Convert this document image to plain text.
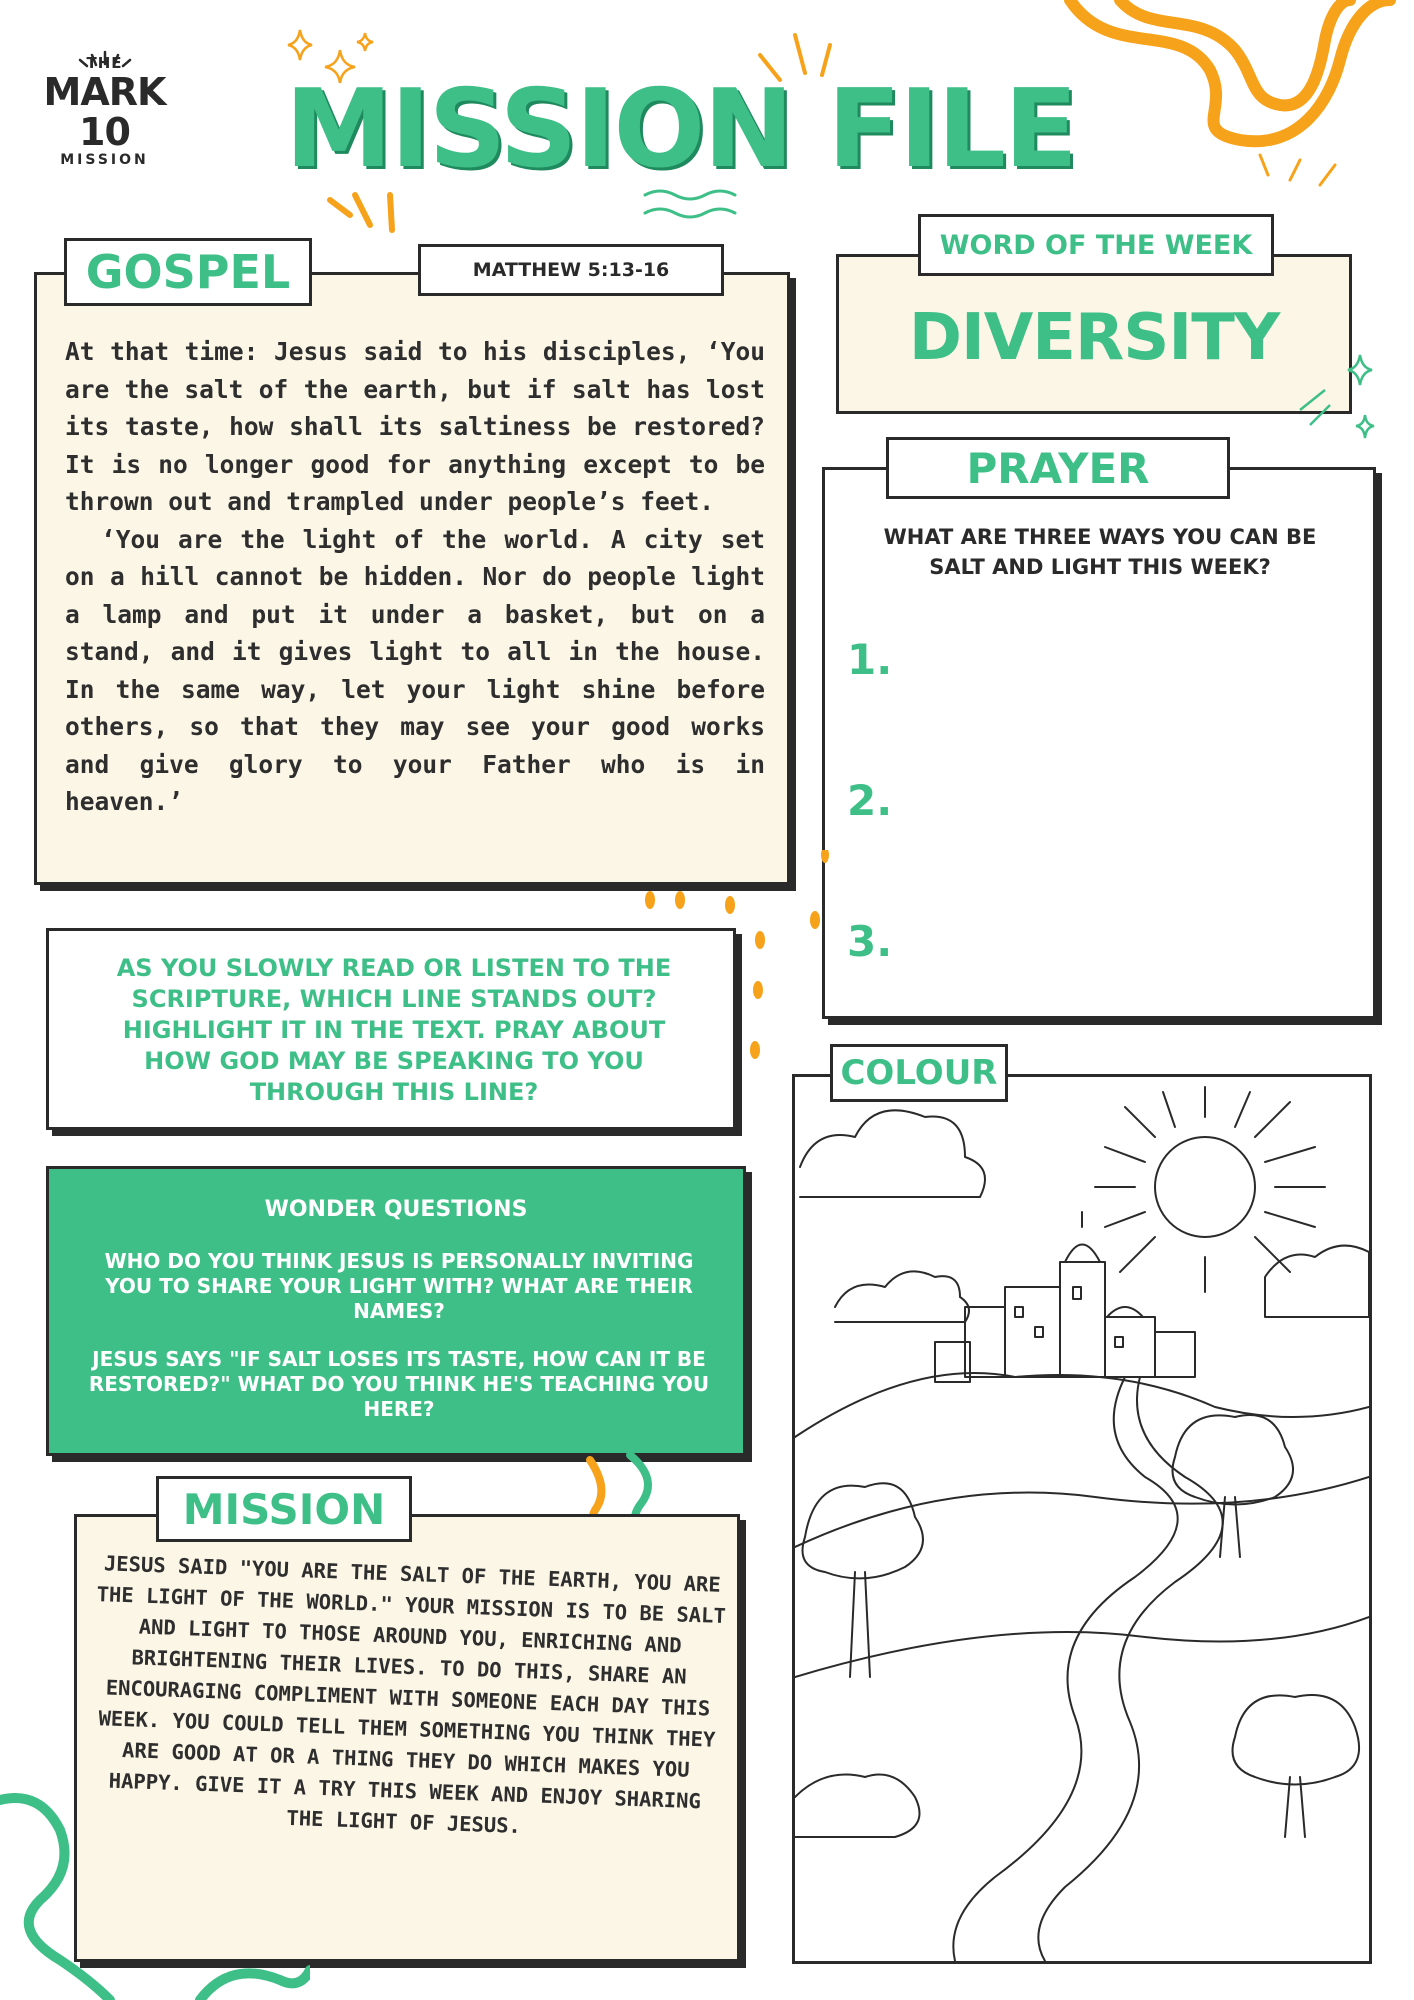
THE
MARK 10
MISSION	MISSION FILE

At that time: Jesus said to his disciples, ‘You are the salt of the earth, but if salt has lost its taste, how shall its saltiness be restored? It is no longer good for anything except to be thrown out and trampled under people’s feet.

‘You are the light of the world. A city set on a hill cannot be hidden. Nor do people light a lamp and put it under a basket, but on a stand, and it gives light to all in the house. In the same way, let your light shine before others, so that they may see your good works and give glory to your Father who is in heaven.’

GOSPEL	MATTHEW 5:13-16
DIVERSITY
WORD OF THE WEEK
WHAT ARE THREE WAYS YOU CAN BE SALT AND LIGHT THIS WEEK?
1.
2.
3.
PRAYER
AS YOU SLOWLY READ OR LISTEN TO THE SCRIPTURE, WHICH LINE STANDS OUT? HIGHLIGHT IT IN THE TEXT. PRAY ABOUT HOW GOD MAY BE SPEAKING TO YOU THROUGH THIS LINE?
WONDER QUESTIONS
WHO DO YOU THINK JESUS IS PERSONALLY INVITING YOU TO SHARE YOUR LIGHT WITH? WHAT ARE THEIR NAMES?
JESUS SAYS "IF SALT LOSES ITS TASTE, HOW CAN IT BE RESTORED?" WHAT DO YOU THINK HE'S TEACHING YOU HERE?
JESUS SAID "YOU ARE THE SALT OF THE EARTH, YOU ARE THE LIGHT OF THE WORLD." YOUR MISSION IS TO BE SALT AND LIGHT TO THOSE AROUND YOU, ENRICHING AND BRIGHTENING THEIR LIVES. TO DO THIS, SHARE AN ENCOURAGING COMPLIMENT WITH SOMEONE EACH DAY THIS WEEK. YOU COULD TELL THEM SOMETHING YOU THINK THEY ARE GOOD AT OR A THING THEY DO WHICH MAKES YOU HAPPY. GIVE IT A TRY THIS WEEK AND ENJOY SHARING THE LIGHT OF JESUS.
MISSION
COLOUR
